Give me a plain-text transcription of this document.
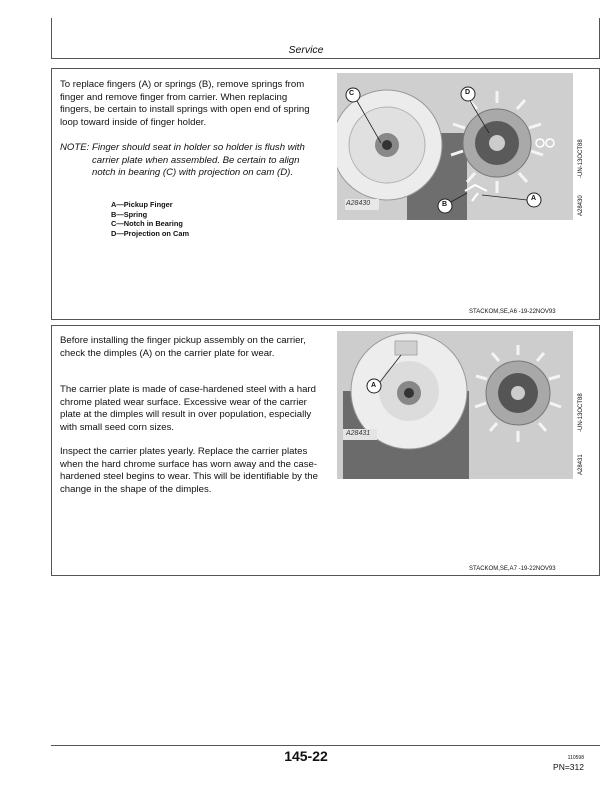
Service
To replace fingers (A) or springs (B), remove springs from finger and remove finger from carrier. When replacing fingers, be certain to install springs with open end of spring loop toward inside of finger holder.
NOTE: Finger should seat in holder so holder is flush with carrier plate when assembled. Be certain to align notch in bearing (C) with projection on cam (D).
A—Pickup Finger
B—Spring
C—Notch in Bearing
D—Projection on Cam
C	D
B
A
A28430
-UN-13OCT88
A28430
STACKOM,SE,A6 -19-22NOV93
Before installing the finger pickup assembly on the carrier, check the dimples (A) on the carrier plate for wear.
The carrier plate is made of case-hardened steel with a hard chrome plated wear surface. Excessive wear of the carrier plate at the dimples will result in over population, especially with small seed corn sizes.
Inspect the carrier plates yearly. Replace the carrier plates when the hard chrome surface has worn away and the case-hardened steel begins to wear. This will be identifiable by the change in the shape of the dimples.
A
A28431
-UN-13OCT88
A28431
STACKOM,SE,A7 -19-22NOV93
145-22	110598
PN=312
